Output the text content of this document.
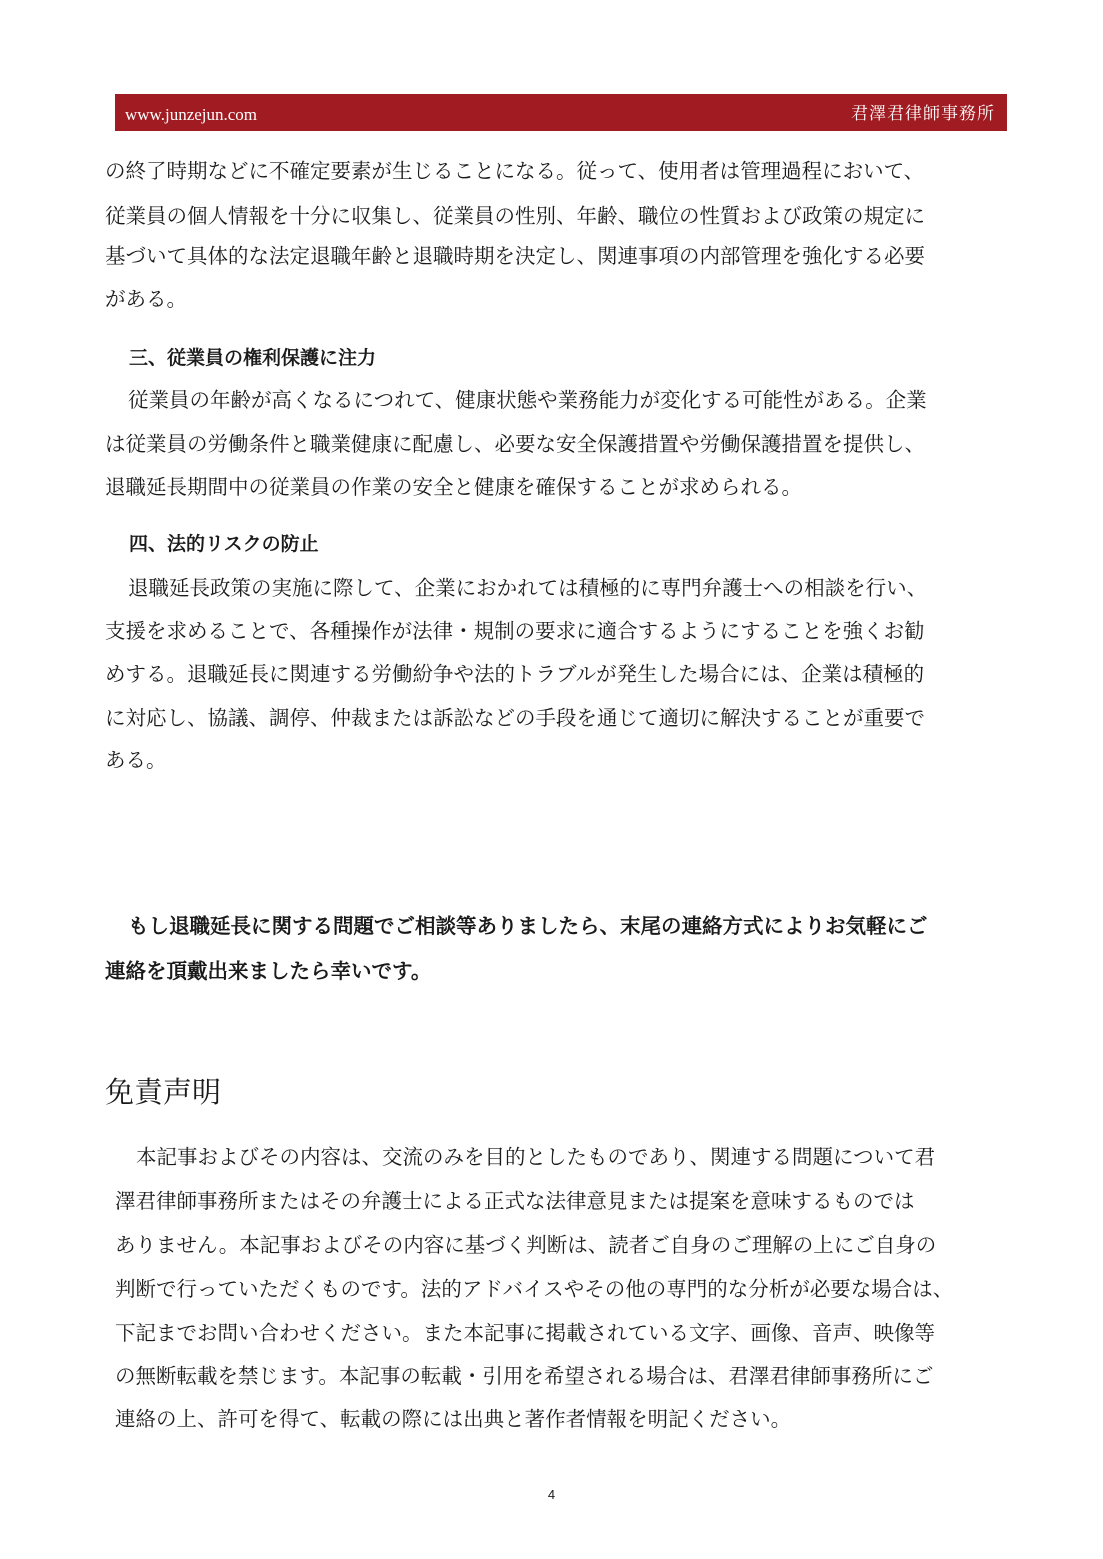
www.junzejun.com	君澤君律師事務所
の終了時期などに不確定要素が生じることになる。従って、使用者は管理過程において、
従業員の個人情報を十分に収集し、従業員の性別、年齢、職位の性質および政策の規定に
基づいて具体的な法定退職年齢と退職時期を決定し、関連事項の内部管理を強化する必要
がある。
三、従業員の権利保護に注力
従業員の年齢が高くなるにつれて、健康状態や業務能力が変化する可能性がある。企業
は従業員の労働条件と職業健康に配慮し、必要な安全保護措置や労働保護措置を提供し、
退職延長期間中の従業員の作業の安全と健康を確保することが求められる。
四、法的リスクの防止
退職延長政策の実施に際して、企業におかれては積極的に専門弁護士への相談を行い、
支援を求めることで、各種操作が法律・規制の要求に適合するようにすることを強くお勧
めする。退職延長に関連する労働紛争や法的トラブルが発生した場合には、企業は積極的
に対応し、協議、調停、仲裁または訴訟などの手段を通じて適切に解決することが重要で
ある。
もし退職延長に関する問題でご相談等ありましたら、末尾の連絡方式によりお気軽にご
連絡を頂戴出来ましたら幸いです。
免責声明
本記事およびその内容は、交流のみを目的としたものであり、関連する問題について君
澤君律師事務所またはその弁護士による正式な法律意見または提案を意味するものでは
ありません。本記事およびその内容に基づく判断は、読者ご自身のご理解の上にご自身の
判断で行っていただくものです。法的アドバイスやその他の専門的な分析が必要な場合は、
下記までお問い合わせください。また本記事に掲載されている文字、画像、音声、映像等
の無断転載を禁じます。本記事の転載・引用を希望される場合は、君澤君律師事務所にご
連絡の上、許可を得て、転載の際には出典と著作者情報を明記ください。
4
